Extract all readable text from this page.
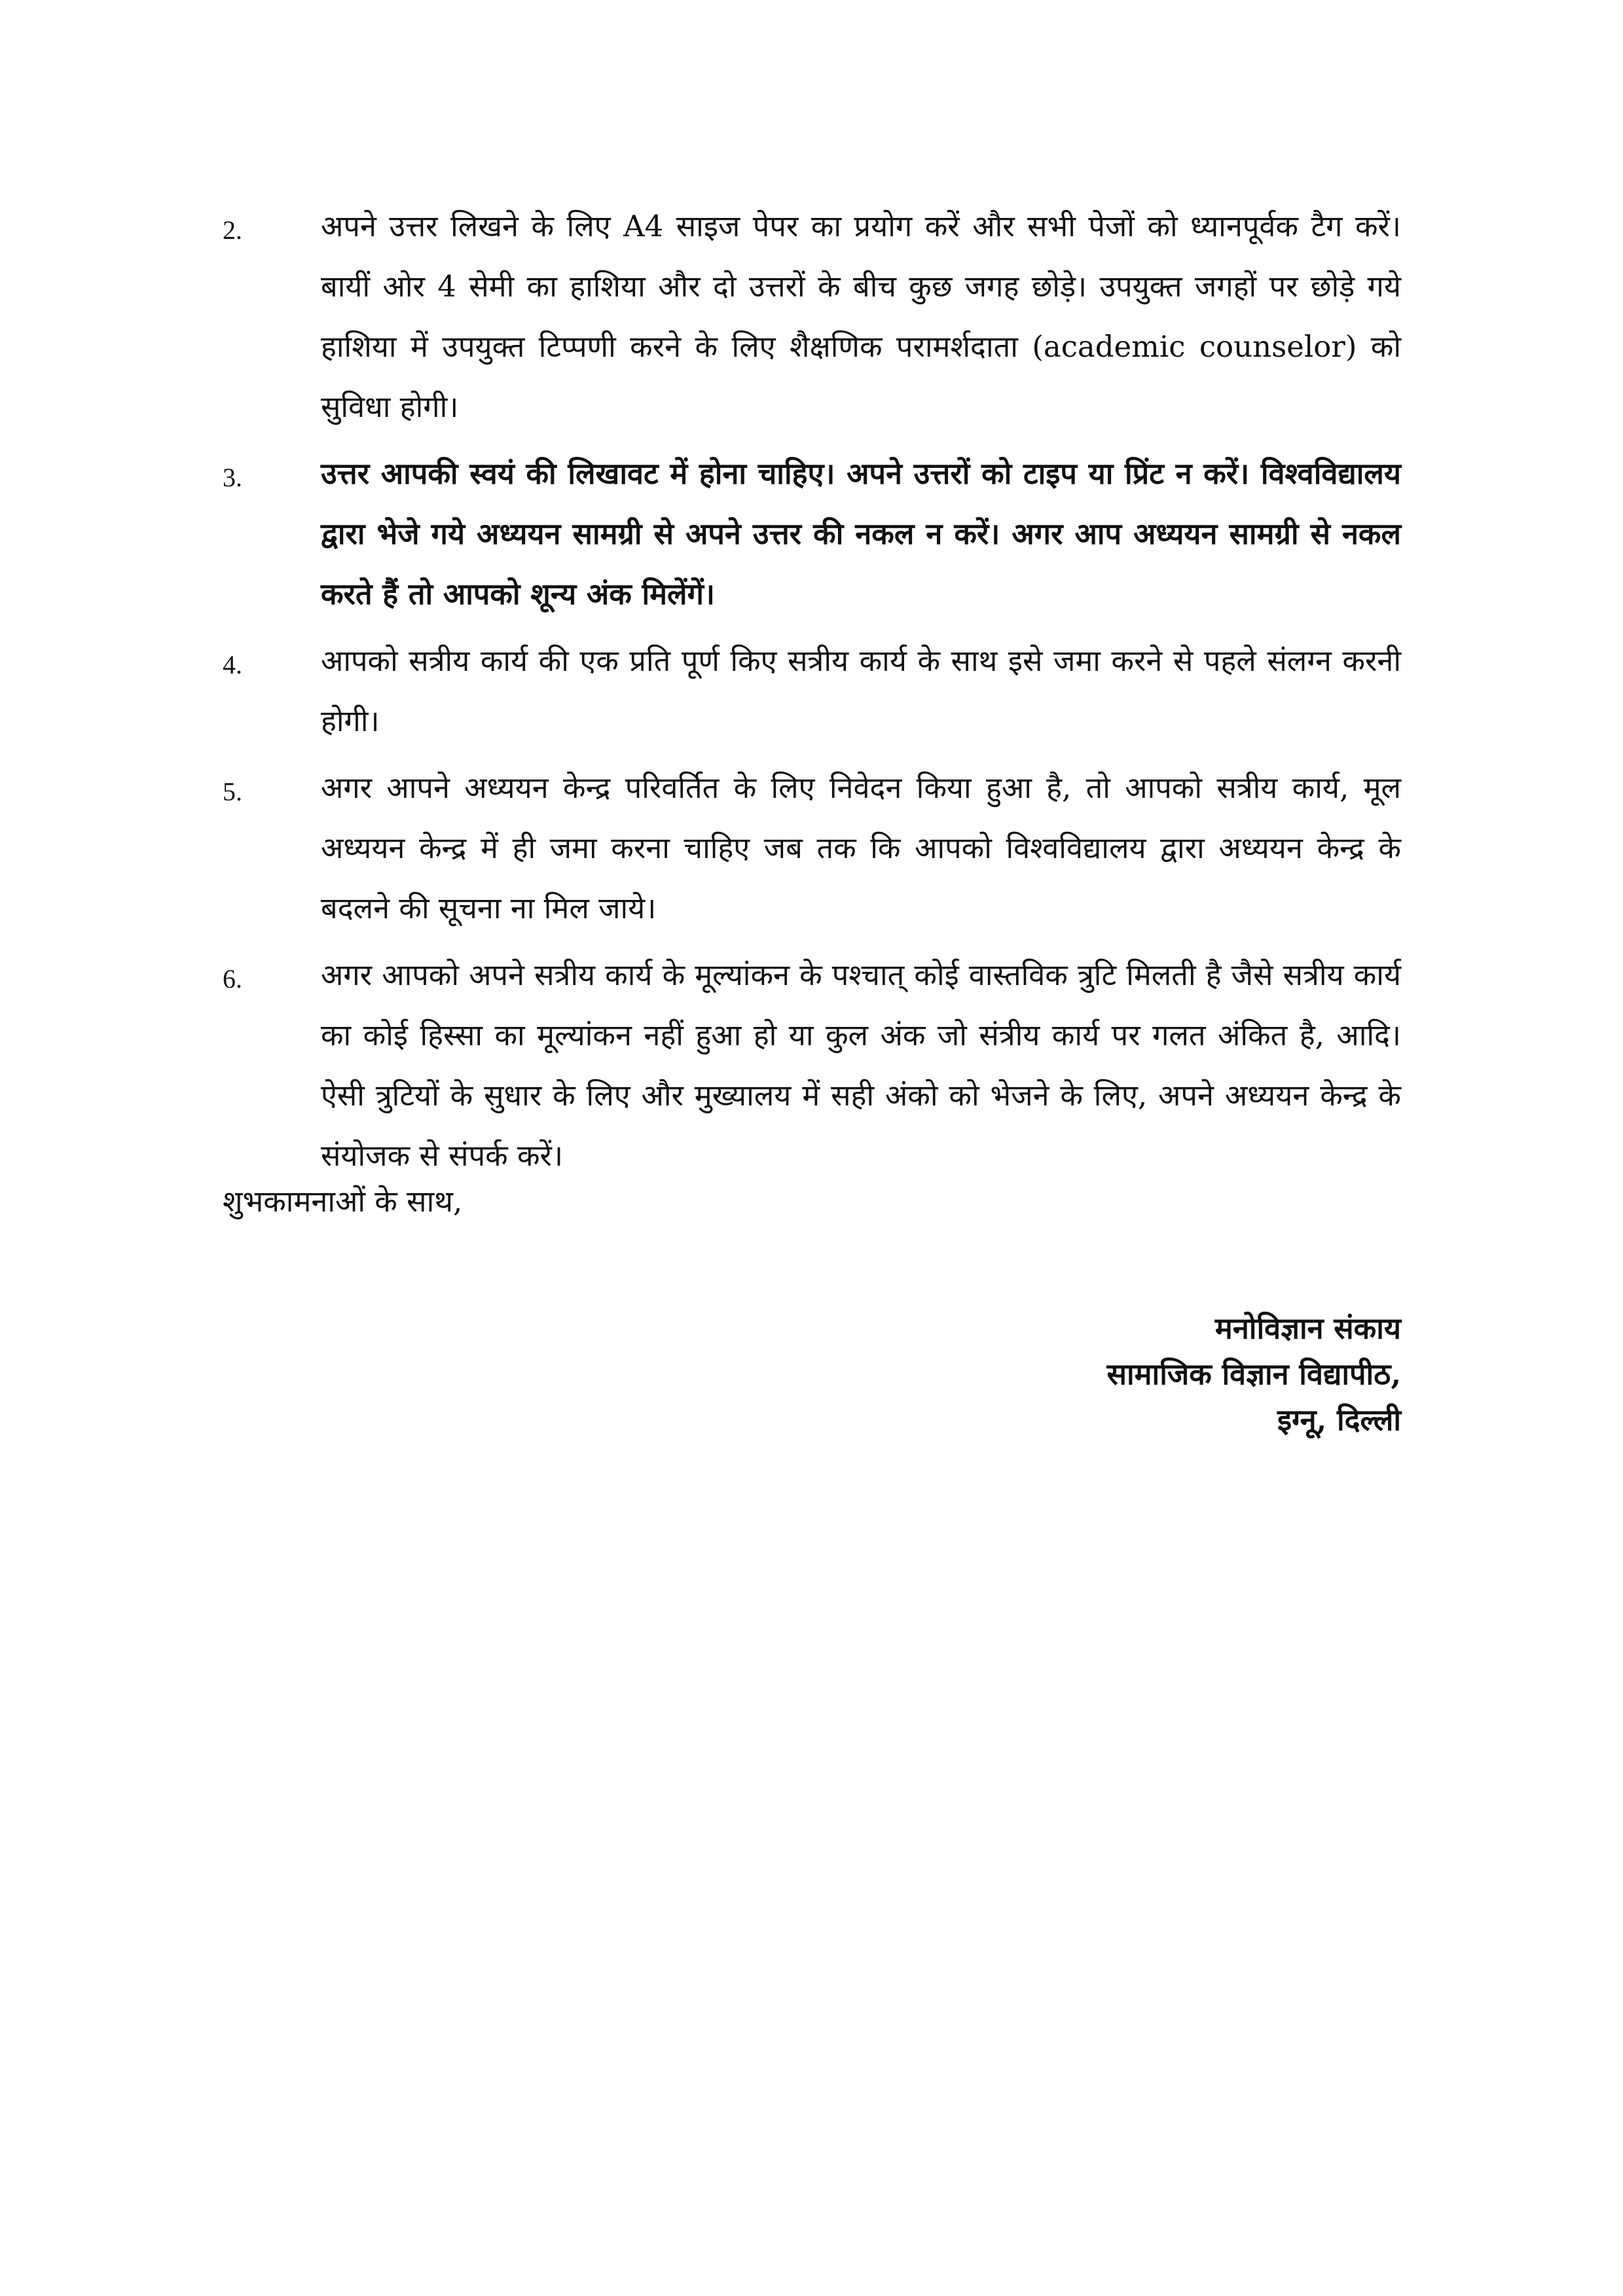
2.	अपने उत्तर लिखने के लिए A4 साइज पेपर का प्रयोग करें और सभी पेजों को ध्यानपूर्वक टैग करें। बायीं ओर 4 सेमी का हाशिया और दो उत्तरों के बीच कुछ जगह छोड़े। उपयुक्त जगहों पर छोड़े गये हाशिया में उपयुक्त टिप्पणी करने के लिए शैक्षणिक परामर्शदाता (academic counselor) को सुविधा होगी।
3.	उत्तर आपकी स्वयं की लिखावट में होना चाहिए। अपने उत्तरों को टाइप या प्रिंट न करें। विश्वविद्यालय द्वारा भेजे गये अध्ययन सामग्री से अपने उत्तर की नकल न करें। अगर आप अध्ययन सामग्री से नकल करते हैं तो आपको शून्य अंक मिलेंगें।
4.	आपको सत्रीय कार्य की एक प्रति पूर्ण किए सत्रीय कार्य के साथ इसे जमा करने से पहले संलग्न करनी होगी।
5.	अगर आपने अध्ययन केन्द्र परिवर्तित के लिए निवेदन किया हुआ है, तो आपको सत्रीय कार्य, मूल अध्ययन केन्द्र में ही जमा करना चाहिए जब तक कि आपको विश्वविद्यालय द्वारा अध्ययन केन्द्र के बदलने की सूचना ना मिल जाये।
6.	अगर आपको अपने सत्रीय कार्य के मूल्यांकन के पश्चात् कोई वास्तविक त्रुटि मिलती है जैसे सत्रीय कार्य का कोई हिस्सा का मूल्यांकन नहीं हुआ हो या कुल अंक जो संत्रीय कार्य पर गलत अंकित है, आदि। ऐसी त्रुटियों के सुधार के लिए और मुख्यालय में सही अंको को भेजने के लिए, अपने अध्ययन केन्द्र के संयोजक से संपर्क करें।

शुभकामनाओं के साथ,

मनोविज्ञान संकाय
सामाजिक विज्ञान विद्यापीठ,
इग्नू, दिल्ली
